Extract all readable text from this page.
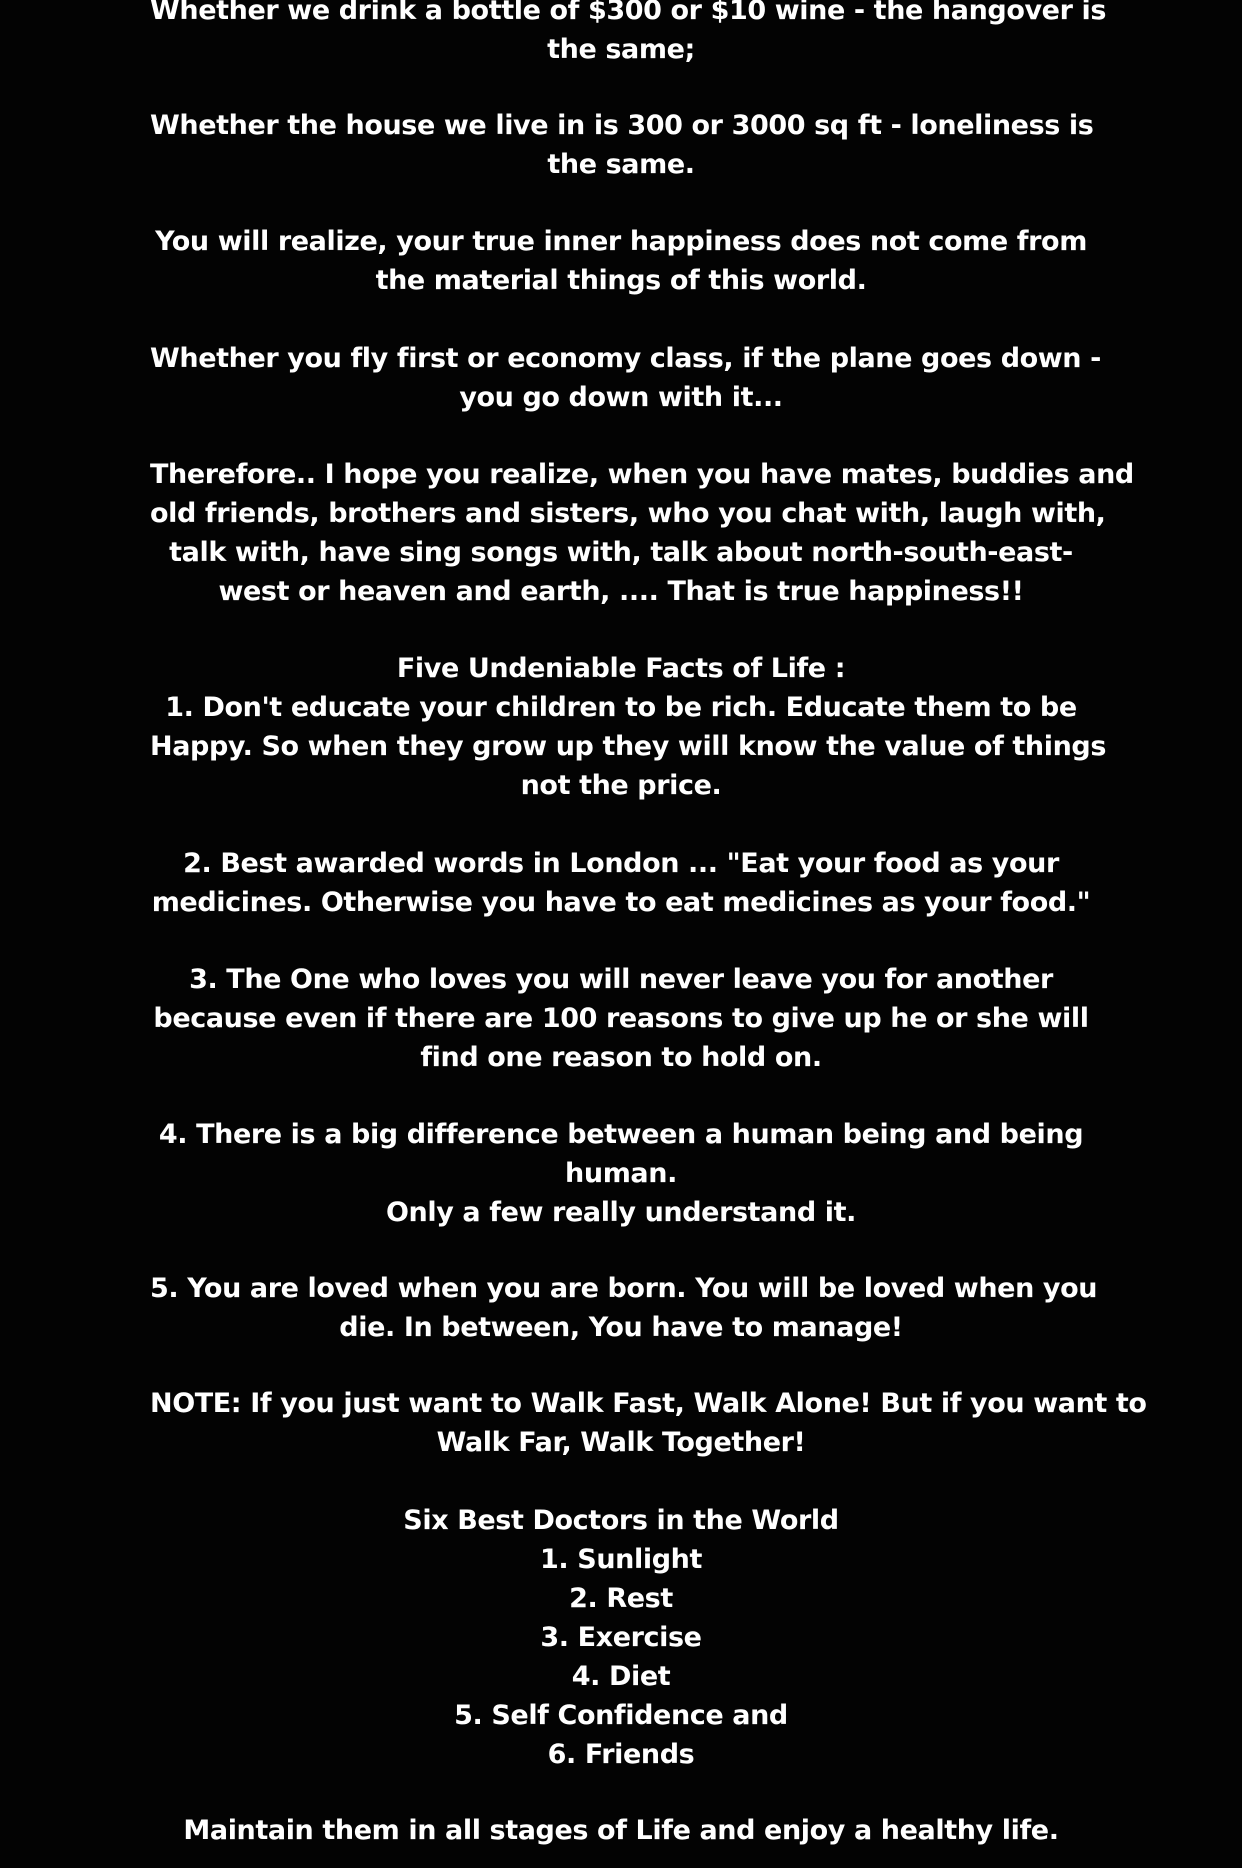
Whether we drink a bottle of $300 or $10 wine - the hangover is
the same;

Whether the house we live in is 300 or 3000 sq ft - loneliness is
the same.

You will realize, your true inner happiness does not come from
the material things of this world.

Whether you fly first or economy class, if the plane goes down -
you go down with it...

Therefore.. I hope you realize, when you have mates, buddies and
old friends, brothers and sisters, who you chat with, laugh with,
talk with, have sing songs with, talk about north-south-east-
west or heaven and earth, .... That is true happiness!!

Five Undeniable Facts of Life :
1. Don't educate your children to be rich. Educate them to be
Happy. So when they grow up they will know the value of things
not the price.

2. Best awarded words in London ... "Eat your food as your
medicines. Otherwise you have to eat medicines as your food."

3. The One who loves you will never leave you for another
because even if there are 100 reasons to give up he or she will
find one reason to hold on.

4. There is a big difference between a human being and being
human.
Only a few really understand it.

5. You are loved when you are born. You will be loved when you
die. In between, You have to manage!

NOTE: If you just want to Walk Fast, Walk Alone! But if you want to
Walk Far, Walk Together!

Six Best Doctors in the World
1. Sunlight
2. Rest
3. Exercise
4. Diet
5. Self Confidence and
6. Friends

Maintain them in all stages of Life and enjoy a healthy life.
